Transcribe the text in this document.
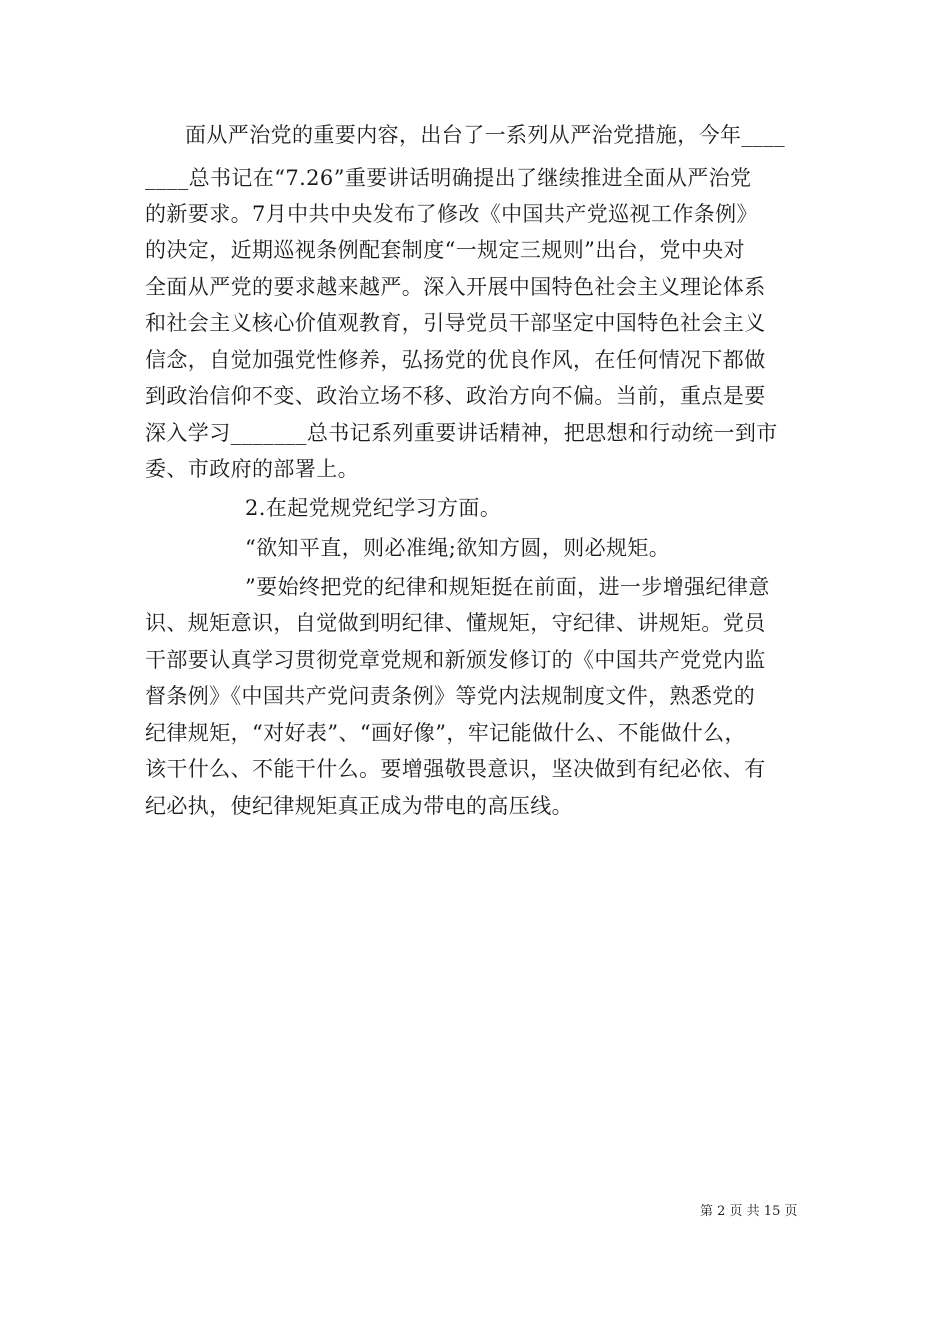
面从严治党的重要内容，出台了一系列从严治党措施，今年____
____总书记在“7.26”重要讲话明确提出了继续推进全面从严治党
的新要求。7月中共中央发布了修改《中国共产党巡视工作条例》
的决定，近期巡视条例配套制度“一规定三规则”出台，党中央对
全面从严党的要求越来越严。深入开展中国特色社会主义理论体系
和社会主义核心价值观教育，引导党员干部坚定中国特色社会主义
信念，自觉加强党性修养，弘扬党的优良作风，在任何情况下都做
到政治信仰不变、政治立场不移、政治方向不偏。当前，重点是要
深入学习_______总书记系列重要讲话精神，把思想和行动统一到市
委、市政府的部署上。
2.在起党规党纪学习方面。
“欲知平直，则必准绳;欲知方圆，则必规矩。
”要始终把党的纪律和规矩挺在前面，进一步增强纪律意
识、规矩意识，自觉做到明纪律、懂规矩，守纪律、讲规矩。党员
干部要认真学习贯彻党章党规和新颁发修订的《中国共产党党内监
督条例》《中国共产党问责条例》等党内法规制度文件，熟悉党的
纪律规矩，“对好表”、“画好像”，牢记能做什么、不能做什么，
该干什么、不能干什么。要增强敬畏意识，坚决做到有纪必依、有
纪必执，使纪律规矩真正成为带电的高压线。
第 2 页 共 15 页
